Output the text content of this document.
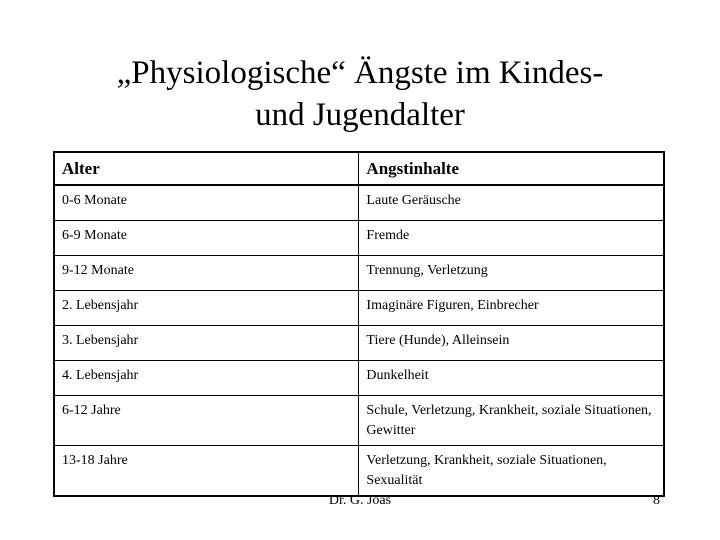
„Physiologische“ Ängste im Kindes-
und Jugendalter
Alter	Angstinhalte
0-6 Monate	Laute Geräusche
6-9 Monate	Fremde
9-12 Monate	Trennung, Verletzung
2. Lebensjahr	Imaginäre Figuren, Einbrecher
3. Lebensjahr	Tiere (Hunde), Alleinsein
4. Lebensjahr	Dunkelheit
6-12 Jahre	Schule, Verletzung, Krankheit, soziale Situationen, Gewitter
13-18 Jahre	Verletzung, Krankheit, soziale Situationen, Sexualität
Dr. G. Joas	8
